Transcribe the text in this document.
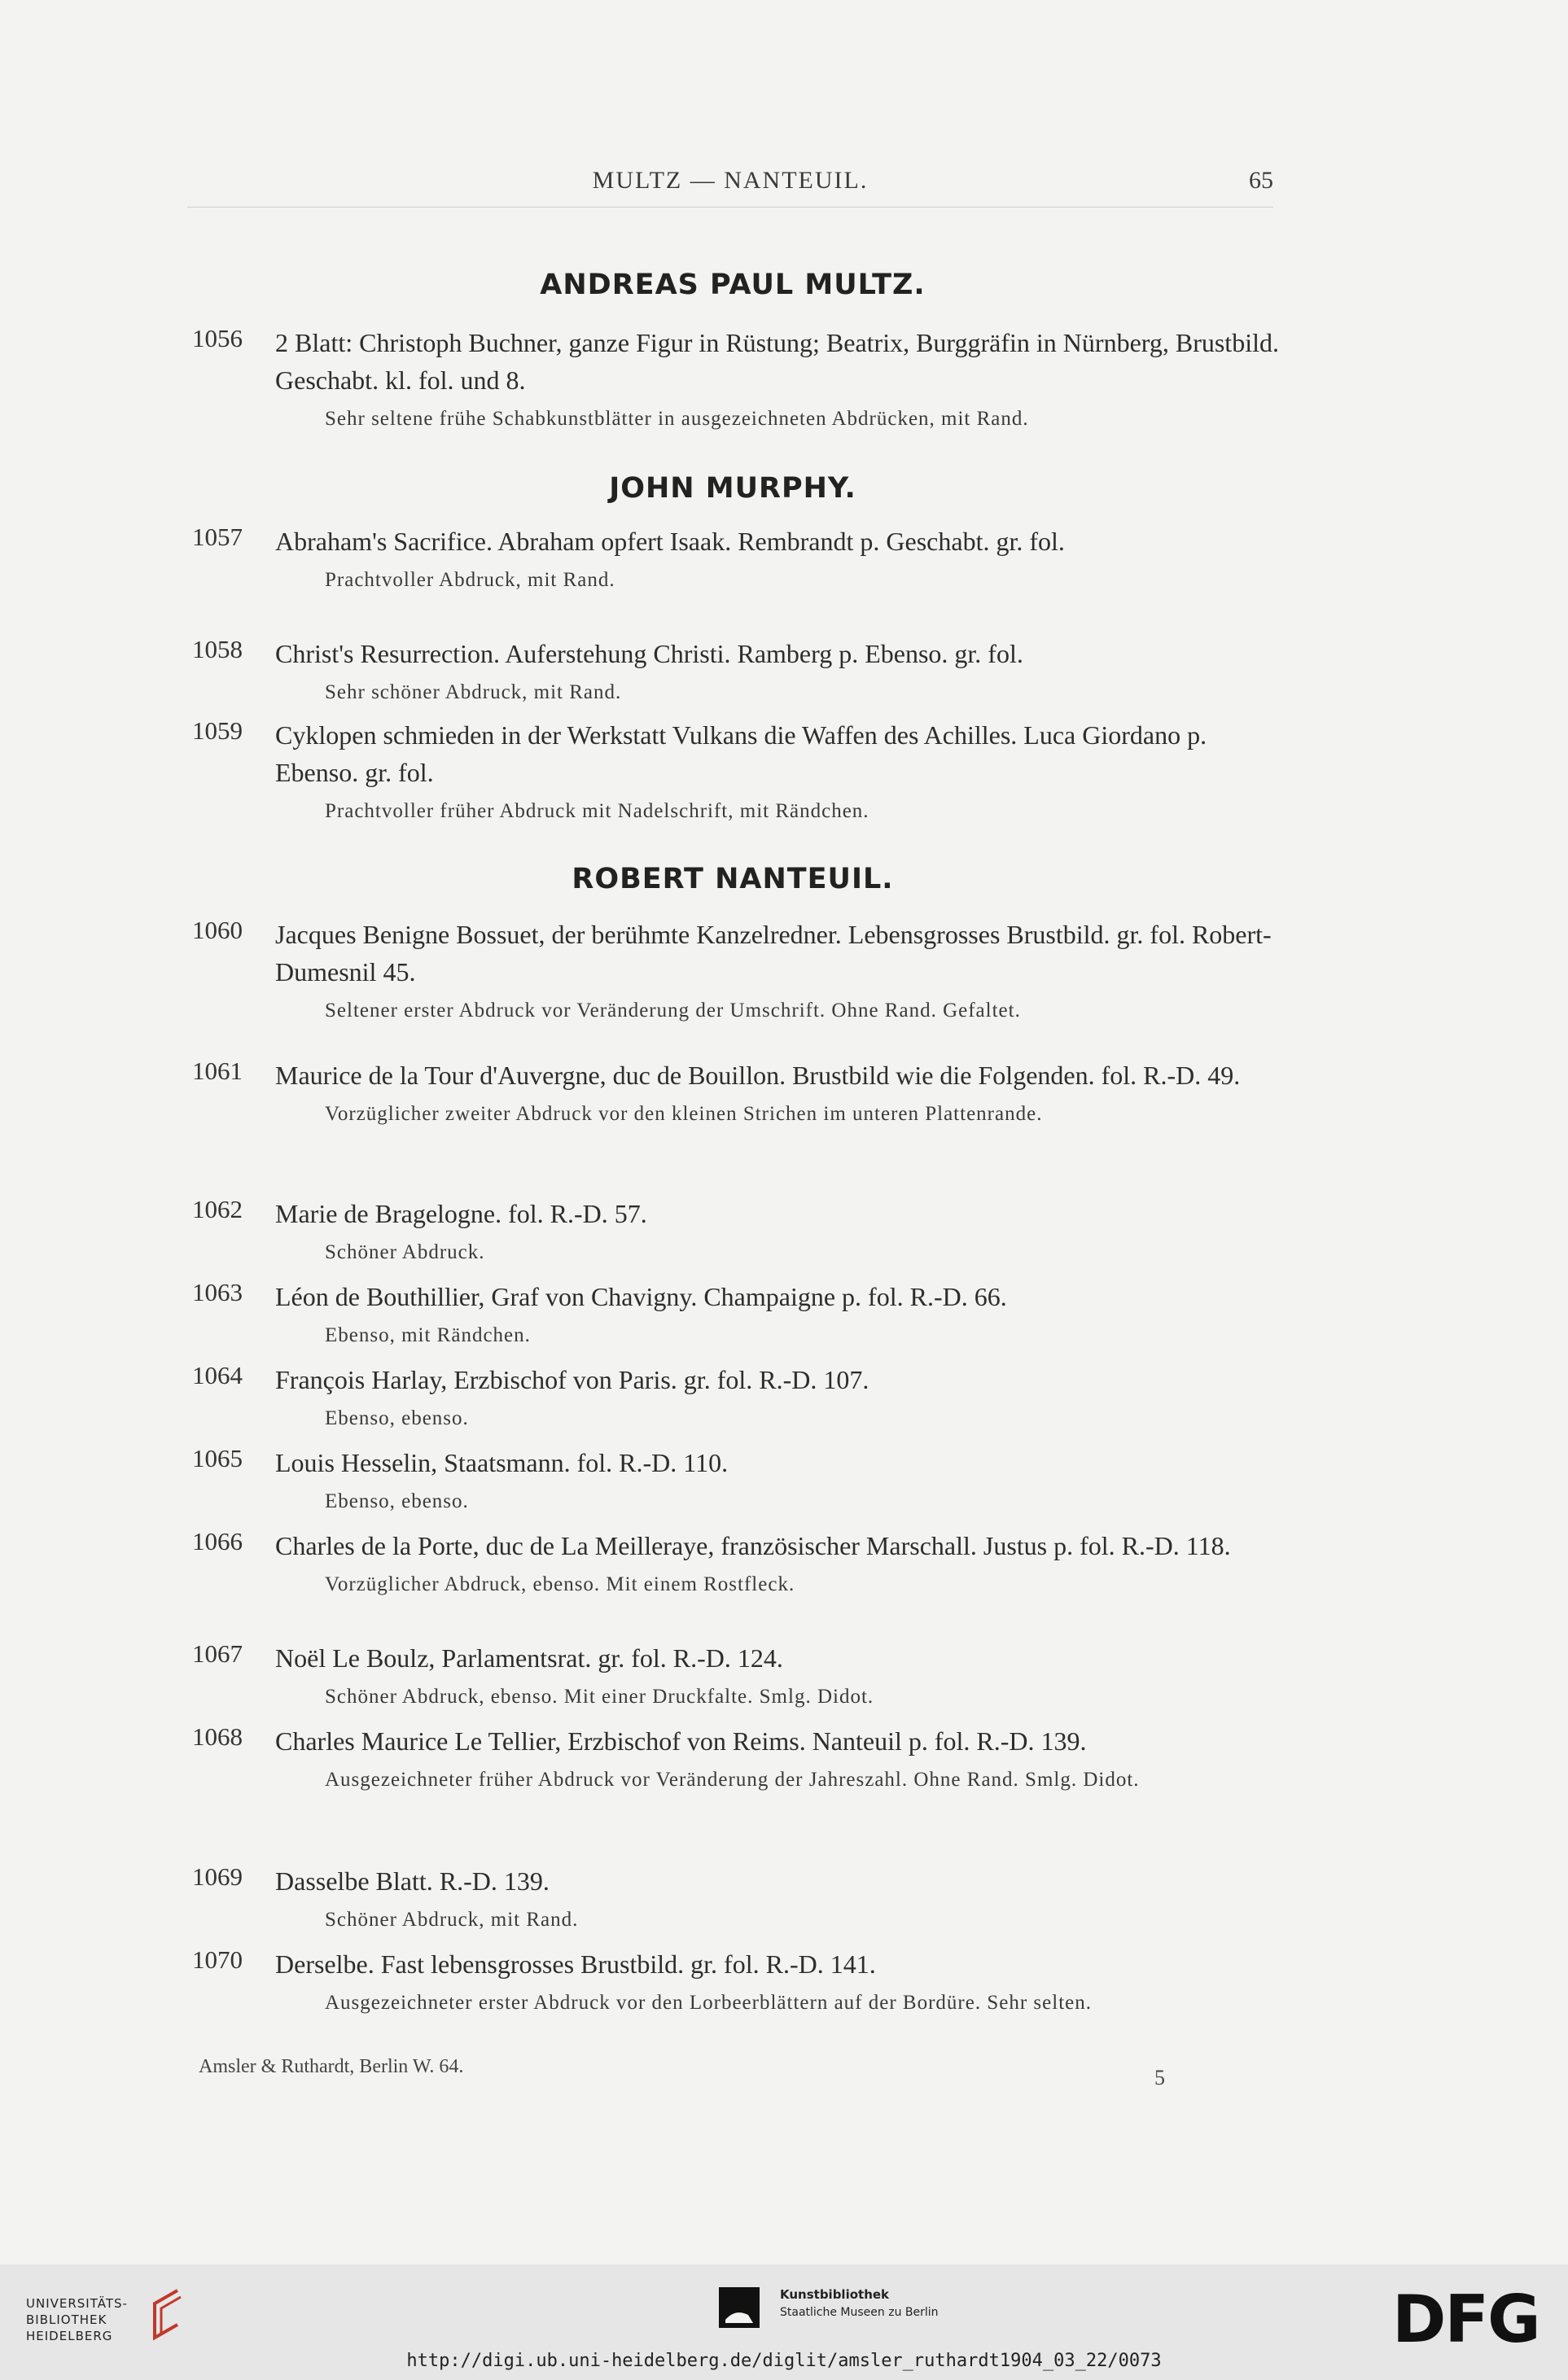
MULTZ — NANTEUIL.	65
ANDREAS PAUL MULTZ.
1056 2 Blatt: Christoph Buchner, ganze Figur in Rüstung; Beatrix, Burggräfin in Nürnberg, Brustbild. Geschabt. kl. fol. und 8.
Sehr seltene frühe Schabkunstblätter in ausgezeichneten Abdrücken, mit Rand.
JOHN MURPHY.
1057 Abraham's Sacrifice. Abraham opfert Isaak. Rembrandt p. Geschabt. gr. fol.
Prachtvoller Abdruck, mit Rand.
1058 Christ's Resurrection. Auferstehung Christi. Ramberg p. Ebenso. gr. fol.
Sehr schöner Abdruck, mit Rand.
1059 Cyklopen schmieden in der Werkstatt Vulkans die Waffen des Achilles. Luca Giordano p. Ebenso. gr. fol.
Prachtvoller früher Abdruck mit Nadelschrift, mit Rändchen.
ROBERT NANTEUIL.
1060 Jacques Benigne Bossuet, der berühmte Kanzelredner. Lebensgrosses Brustbild. gr. fol. Robert-Dumesnil 45.
Seltener erster Abdruck vor Veränderung der Umschrift. Ohne Rand. Gefaltet.
1061 Maurice de la Tour d'Auvergne, duc de Bouillon. Brustbild wie die Folgenden. fol. R.-D. 49.
Vorzüglicher zweiter Abdruck vor den kleinen Strichen im unteren Plattenrande.
1062 Marie de Bragelogne. fol. R.-D. 57.
Schöner Abdruck.
1063 Léon de Bouthillier, Graf von Chavigny. Champaigne p. fol. R.-D. 66.
Ebenso, mit Rändchen.
1064 François Harlay, Erzbischof von Paris. gr. fol. R.-D. 107.
Ebenso, ebenso.
1065 Louis Hesselin, Staatsmann. fol. R.-D. 110.
Ebenso, ebenso.
1066 Charles de la Porte, duc de La Meilleraye, französischer Marschall. Justus p. fol. R.-D. 118.
Vorzüglicher Abdruck, ebenso. Mit einem Rostfleck.
1067 Noël Le Boulz, Parlamentsrat. gr. fol. R.-D. 124.
Schöner Abdruck, ebenso. Mit einer Druckfalte. Smlg. Didot.
1068 Charles Maurice Le Tellier, Erzbischof von Reims. Nanteuil p. fol. R.-D. 139.
Ausgezeichneter früher Abdruck vor Veränderung der Jahreszahl. Ohne Rand. Smlg. Didot.
1069 Dasselbe Blatt. R.-D. 139.
Schöner Abdruck, mit Rand.
1070 Derselbe. Fast lebensgrosses Brustbild. gr. fol. R.-D. 141.
Ausgezeichneter erster Abdruck vor den Lorbeerblättern auf der Bordüre. Sehr selten.
Amsler & Ruthardt, Berlin W. 64.	5
UNIVERSITÄTS-
BIBLIOTHEK
HEIDELBERG
Kunstbibliothek
Staatliche Museen zu Berlin	DFG
http://digi.ub.uni-heidelberg.de/diglit/amsler_ruthardt1904_03_22/0073
